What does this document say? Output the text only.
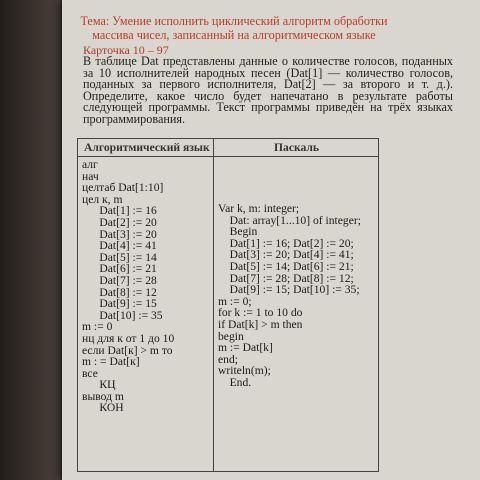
Тема: Умение исполнить циклический алгоритм обработки массива чисел, записанный на алгоритмическом языке
Карточка 10 – 97
В таблице Dat представлены данные о количестве голосов, поданных за 10 исполнителей народных песен (Dat[1] — количество голосов, поданных за первого исполнителя, Dat[2] — за второго и т. д.). Определите, какое число будет напечатано в результате работы следующей программы. Текст программы приведён на трёх языках программирования.
Алгоритмический язык	Паскаль
алг
нач
целтаб Dat[1:10]
цел к, m
Dat[1] := 16
Dat[2] := 20
Dat[3] := 20
Dat[4] := 41
Dat[5] := 14
Dat[6] := 21
Dat[7] := 28
Dat[8] := 12
Dat[9] := 15
Dat[10] := 35
m := 0
нц для к от 1 до 10
если Dat[к] > m то
m : = Dat[к]
все
КЦ
вывод m
КОН
Var k, m: integer;
Dat: array[1...10] of integer;
Begin
Dat[1] := 16; Dat[2] := 20;
Dat[3] := 20; Dat[4] := 41;
Dat[5] := 14; Dat[6] := 21;
Dat[7] := 28; Dat[8] := 12;
Dat[9] := 15; Dat[10] := 35;
m := 0;
for k := 1 to 10 do
if Dat[k] > m then
begin
m := Dat[k]
end;
writeln(m);
End.
